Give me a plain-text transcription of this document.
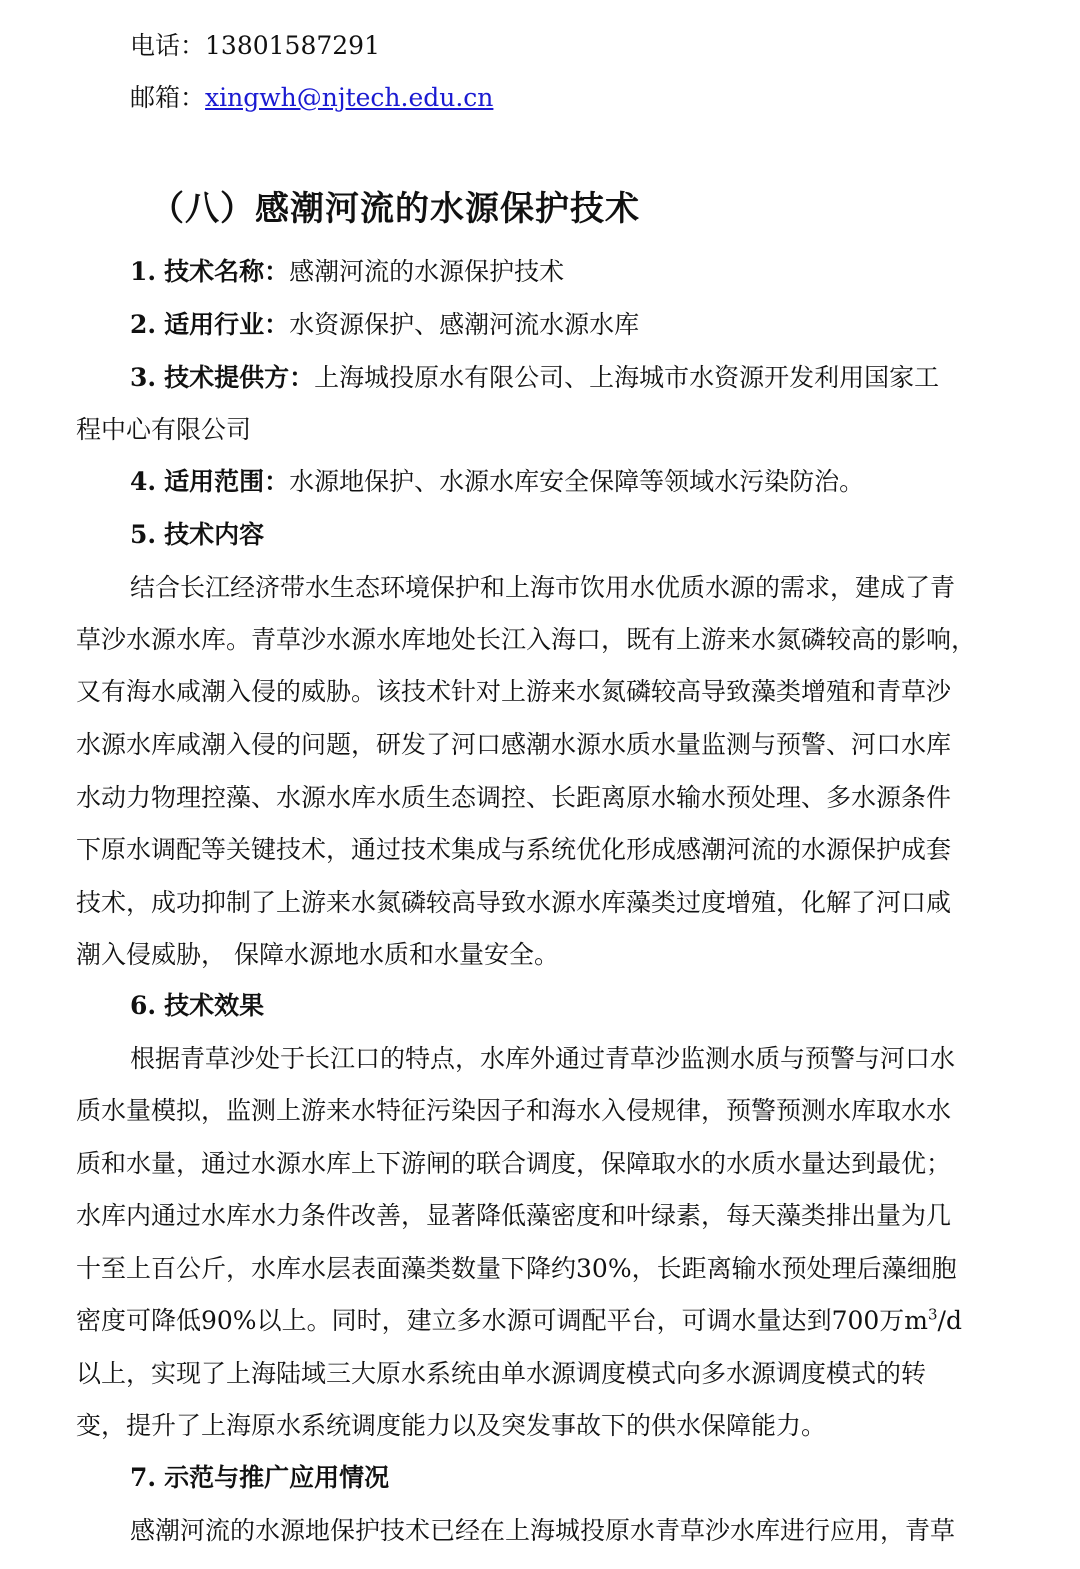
电话：13801587291
邮箱：xingwh@njtech.edu.cn
（八）感潮河流的水源保护技术
1. 技术名称：感潮河流的水源保护技术
2. 适用行业：水资源保护、感潮河流水源水库
3. 技术提供方：上海城投原水有限公司、上海城市水资源开发利用国家工
程中心有限公司
4. 适用范围：水源地保护、水源水库安全保障等领域水污染防治。
5. 技术内容
结合长江经济带水生态环境保护和上海市饮用水优质水源的需求，建成了青
草沙水源水库。青草沙水源水库地处长江入海口，既有上游来水氮磷较高的影响，
又有海水咸潮入侵的威胁。该技术针对上游来水氮磷较高导致藻类增殖和青草沙
水源水库咸潮入侵的问题，研发了河口感潮水源水质水量监测与预警、河口水库
水动力物理控藻、水源水库水质生态调控、长距离原水输水预处理、多水源条件
下原水调配等关键技术，通过技术集成与系统优化形成感潮河流的水源保护成套
技术，成功抑制了上游来水氮磷较高导致水源水库藻类过度增殖，化解了河口咸
潮入侵威胁， 保障水源地水质和水量安全。
6. 技术效果
根据青草沙处于长江口的特点，水库外通过青草沙监测水质与预警与河口水
质水量模拟，监测上游来水特征污染因子和海水入侵规律，预警预测水库取水水
质和水量，通过水源水库上下游闸的联合调度，保障取水的水质水量达到最优；
水库内通过水库水力条件改善，显著降低藻密度和叶绿素，每天藻类排出量为几
十至上百公斤，水库水层表面藻类数量下降约30%，长距离输水预处理后藻细胞
密度可降低90%以上。同时，建立多水源可调配平台，可调水量达到700万$m^3/d$
以上，实现了上海陆域三大原水系统由单水源调度模式向多水源调度模式的转
变，提升了上海原水系统调度能力以及突发事故下的供水保障能力。
7. 示范与推广应用情况
感潮河流的水源地保护技术已经在上海城投原水青草沙水库进行应用，青草
